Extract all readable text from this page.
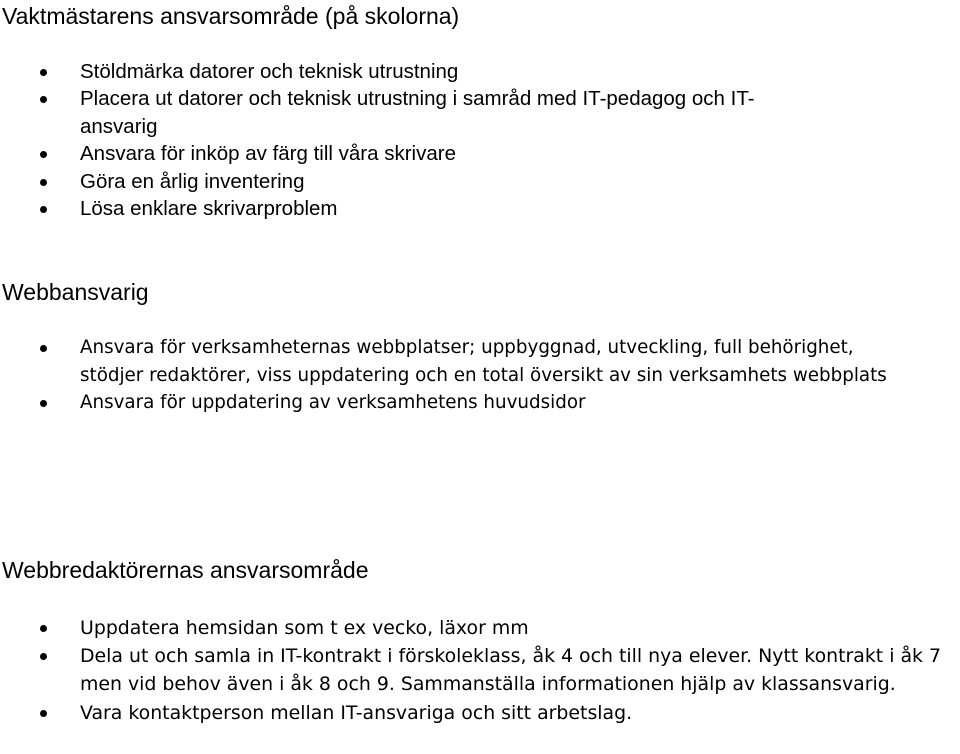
Vaktmästarens ansvarsområde (på skolorna)
Stöldmärka datorer och teknisk utrustning
Placera ut datorer och teknisk utrustning i samråd med IT-pedagog och IT-ansvarig
Ansvara för inköp av färg till våra skrivare
Göra en årlig inventering
Lösa enklare skrivarproblem
Webbansvarig
Ansvara för verksamheternas webbplatser; uppbyggnad, utveckling, full behörighet, stödjer redaktörer, viss uppdatering och en total översikt av sin verksamhets webbplats
Ansvara för uppdatering av verksamhetens huvudsidor
Webbredaktörernas ansvarsområde
Uppdatera hemsidan som t ex vecko, läxor mm
Dela ut och samla in IT-kontrakt i förskoleklass, åk 4 och till nya elever. Nytt kontrakt i åk 7 men vid behov även i åk 8 och 9. Sammanställa informationen hjälp av klassansvarig.
Vara kontaktperson mellan IT-ansvariga och sitt arbetslag.
